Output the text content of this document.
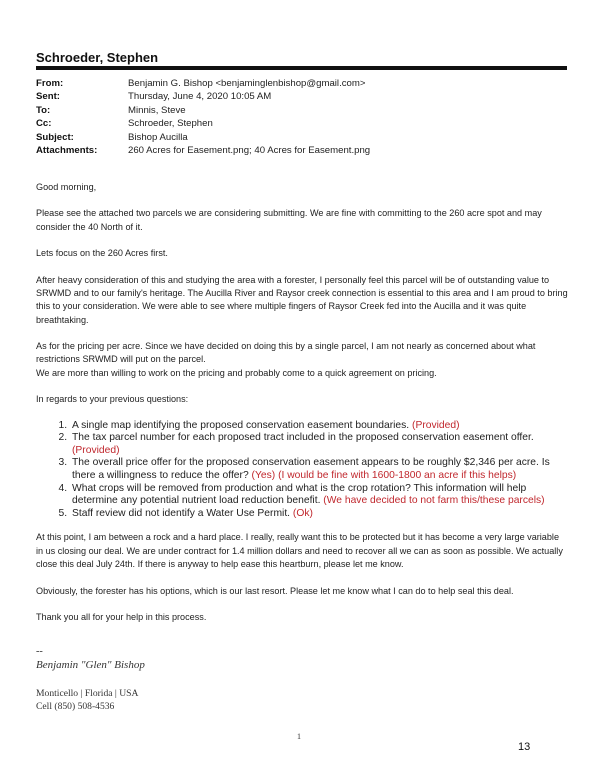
Schroeder, Stephen
From:	Benjamin G. Bishop <benjaminglenbishop@gmail.com>
Sent:	Thursday, June 4, 2020 10:05 AM
To:	Minnis, Steve
Cc:	Schroeder, Stephen
Subject:	Bishop Aucilla
Attachments:	260 Acres for Easement.png; 40 Acres for Easement.png

Good morning,

Please see the attached two parcels we are considering submitting. We are fine with committing to the 260 acre spot and may consider the 40 North of it.

Lets focus on the 260 Acres first.

After heavy consideration of this and studying the area with a forester, I personally feel this parcel will be of outstanding value to SRWMD and to our family's heritage. The Aucilla River and Raysor creek connection is essential to this area and I am proud to bring this to your consideration. We were able to see where multiple fingers of Raysor Creek fed into the Aucilla and it was quite breathtaking.

As for the pricing per acre. Since we have decided on doing this by a single parcel, I am not nearly as concerned about what restrictions SRWMD will put on the parcel.
We are more than willing to work on the pricing and probably come to a quick agreement on pricing.

In regards to your previous questions:

1. A single map identifying the proposed conservation easement boundaries. (Provided)
2. The tax parcel number for each proposed tract included in the proposed conservation easement offer. (Provided)
3. The overall price offer for the proposed conservation easement appears to be roughly $2,346 per acre. Is there a willingness to reduce the offer? (Yes) (I would be fine with 1600-1800 an acre if this helps)
4. What crops will be removed from production and what is the crop rotation? This information will help determine any potential nutrient load reduction benefit. (We have decided to not farm this/these parcels)
5. Staff review did not identify a Water Use Permit. (Ok)

At this point, I am between a rock and a hard place. I really, really want this to be protected but it has become a very large variable in us closing our deal. We are under contract for 1.4 million dollars and need to recover all we can as soon as possible. We actually close this deal July 24th. If there is anyway to help ease this heartburn, please let me know.

Obviously, the forester has his options, which is our last resort. Please let me know what I can do to help seal this deal.

Thank you all for your help in this process.

--
Benjamin "Glen" Bishop
Monticello | Florida | USA
Cell (850) 508-4536
1
13
